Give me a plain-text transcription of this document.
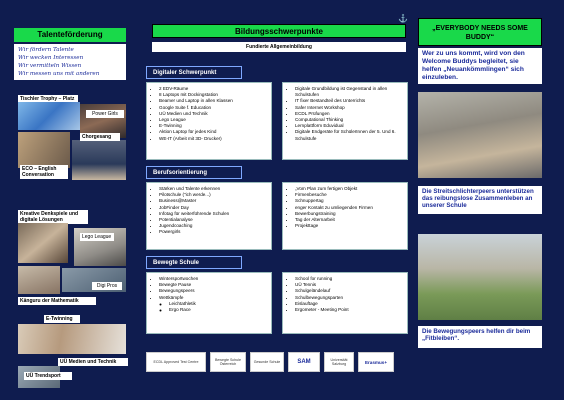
Talenteförderung
Wir fördern Talente
Wir wecken Interessen
Wir vermitteln Wissen
Wir messen uns mit anderen
Tischler Trophy – Platz
Power Girls
ECO – English Conversation
Chorgesang
Kreative Denkspiele und digitale Lösungen
Lego League
Digi Pros
Känguru der Mathematik
E-Twinning
UÜ Medien und Technik
UÜ Trendsport
Bildungsschwerpunkte
Fundierte Allgemeinbildung
Digitaler Schwerpunkt
• 2 EDV-Räume
• 8 Laptops mit Dockingstation
• Beamer und Laptop in allen Klassen
• Google Suite f. Education
• UÜ Medien und Technik
• Lego League
• E-Twinning
• Aktion Laptop für jedes Kind
• WE-IT (Arbeit mit 3D- Drucker)
• Digitale Grundbildung ist Gegenstand in allen Schulstufen
• IT fixer Bestandteil des Unterrichts
• Safer Internet Workshop
• ECDL Prüfungen
• Computational Thinking
• Lernplattform Eduvidual
• Digitale Endgeräte für SchülerInnen der 5. Und 6. Schulstufe
Berufsorientierung
• Stärken und Talente erkennen
• Pilotschule ("ich werde...)
• Business@Master
• JobFinder Day
• Infotag für weiterführende Schulen
• Potentialanalyse
• Jugendcoaching
• Powergirls
• „Vom Plan zum fertigen Objekt
• Firmenbesuche
• Schnuppertag
• enger Kontakt zu umliegenden Firmen
• Bewerbungstraining
• Tag der Alternarbeit
• Projekttage
Bewegte Schule
• Wintersportwochen
• Bewegte Pause
• Bewegungspeers
• Wettkämpfe
◦ Leichtathletik
◦ Ergo Race
• School for running
• UÜ Tennis
• Schulgeländelauf
• Schulbewegungsparten
• Eislauftage
• Ergometer - Meeting Point
ECDL Approved Test Centre	Bewegte Schule Österreich	Gesunde Schule	SAM	Universität Salzburg	Erasmus+
„EVERYBODY NEEDS SOME BUDDY“
Wer zu uns kommt, wird von den Welcome Buddys begleitet, sie helfen „Neuankömmlingen“ sich einzuleben.
Die Streitschlichterpeers unterstützen das reibungslose Zusammenleben an unserer Schule
Die Bewegungspeers helfen dir beim „Fitbleiben“.
⚓
